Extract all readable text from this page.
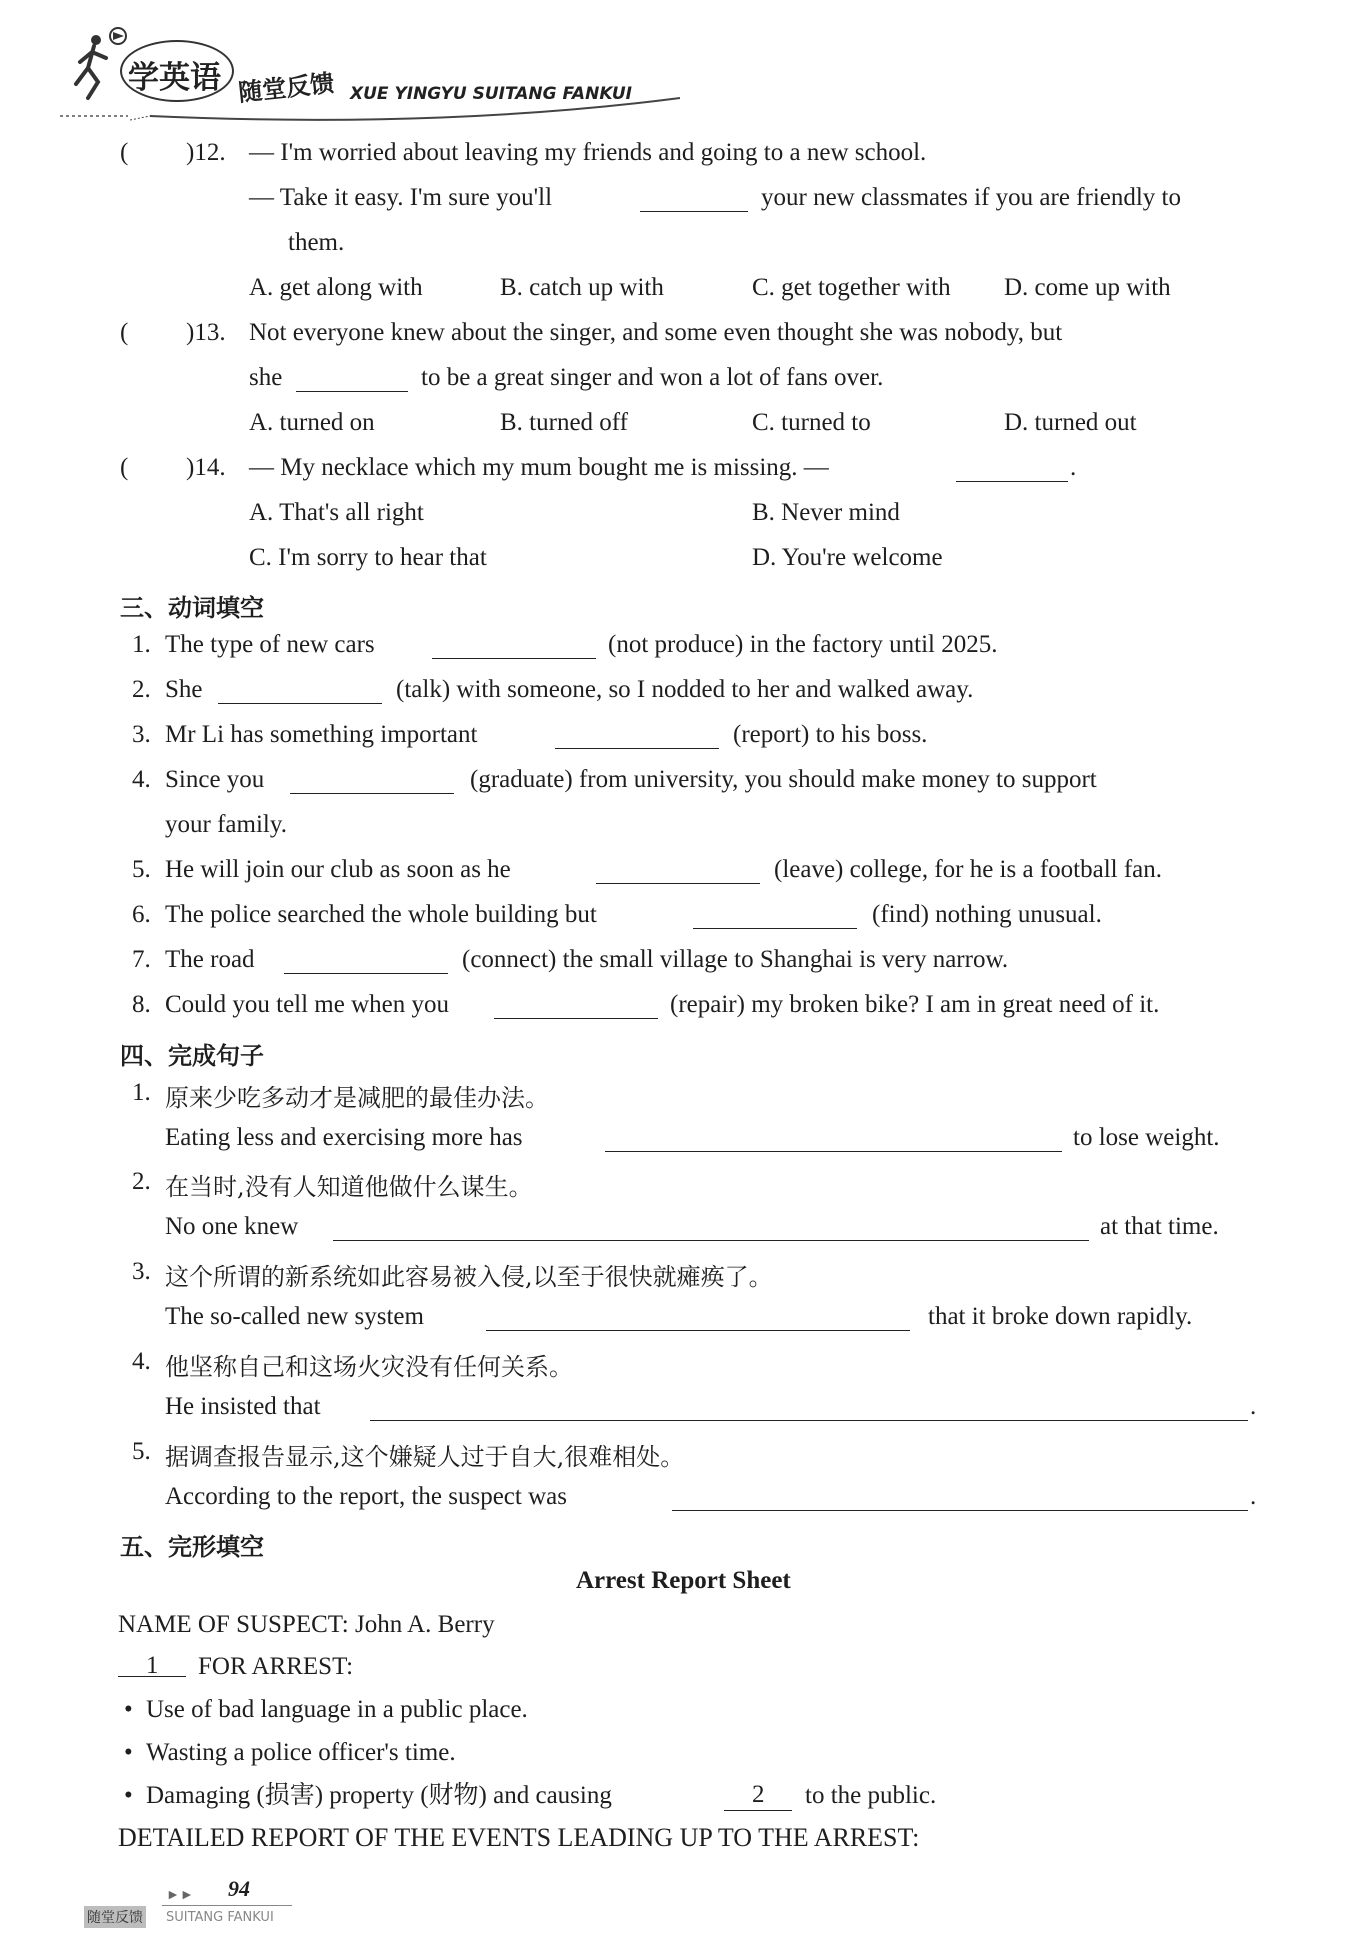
学英语 随堂反馈 XUE YINGYU SUITANG FANKUI
( )12. — I'm worried about leaving my friends and going to a new school.
— Take it easy. I'm sure you'll	your new classmates if you are friendly to
them.
A. get along with	B. catch up with	C. get together with D. come up with
( )13. Not everyone knew about the singer, and some even thought she was nobody, but
she	to be a great singer and won a lot of fans over.
A. turned on	B. turned off	C. turned to	D. turned out
( )14. — My necklace which my mum bought me is missing. —	.
A. That's all right	B. Never mind
C. I'm sorry to hear that	D. You're welcome
三、动词填空
1. The type of new cars	(not produce) in the factory until 2025.
2. She	(talk) with someone, so I nodded to her and walked away.
3. Mr Li has something important	(report) to his boss.
4. Since you	(graduate) from university, you should make money to support
your family.
5. He will join our club as soon as he	(leave) college, for he is a football fan.
6. The police searched the whole building but	(find) nothing unusual.
7. The road	(connect) the small village to Shanghai is very narrow.
8. Could you tell me when you	(repair) my broken bike? I am in great need of it.
四、完成句子
1. 原来少吃多动才是减肥的最佳办法。
Eating less and exercising more has	to lose weight.
2. 在当时,没有人知道他做什么谋生。
No one knew	at that time.
3. 这个所谓的新系统如此容易被入侵,以至于很快就瘫痪了。
The so-called new system	that it broke down rapidly.
4. 他坚称自己和这场火灾没有任何关系。
He insisted that	.
5. 据调查报告显示,这个嫌疑人过于自大,很难相处。
According to the report, the suspect was	.
五、完形填空
Arrest Report Sheet
NAME OF SUSPECT: John A. Berry
1 FOR ARREST:
• Use of bad language in a public place.
• Wasting a police officer's time.
• Damaging (损害) property (财物) and causing	2 to the public.
DETAILED REPORT OF THE EVENTS LEADING UP TO THE ARREST:
►► 94
随堂反馈 SUITANG FANKUI
